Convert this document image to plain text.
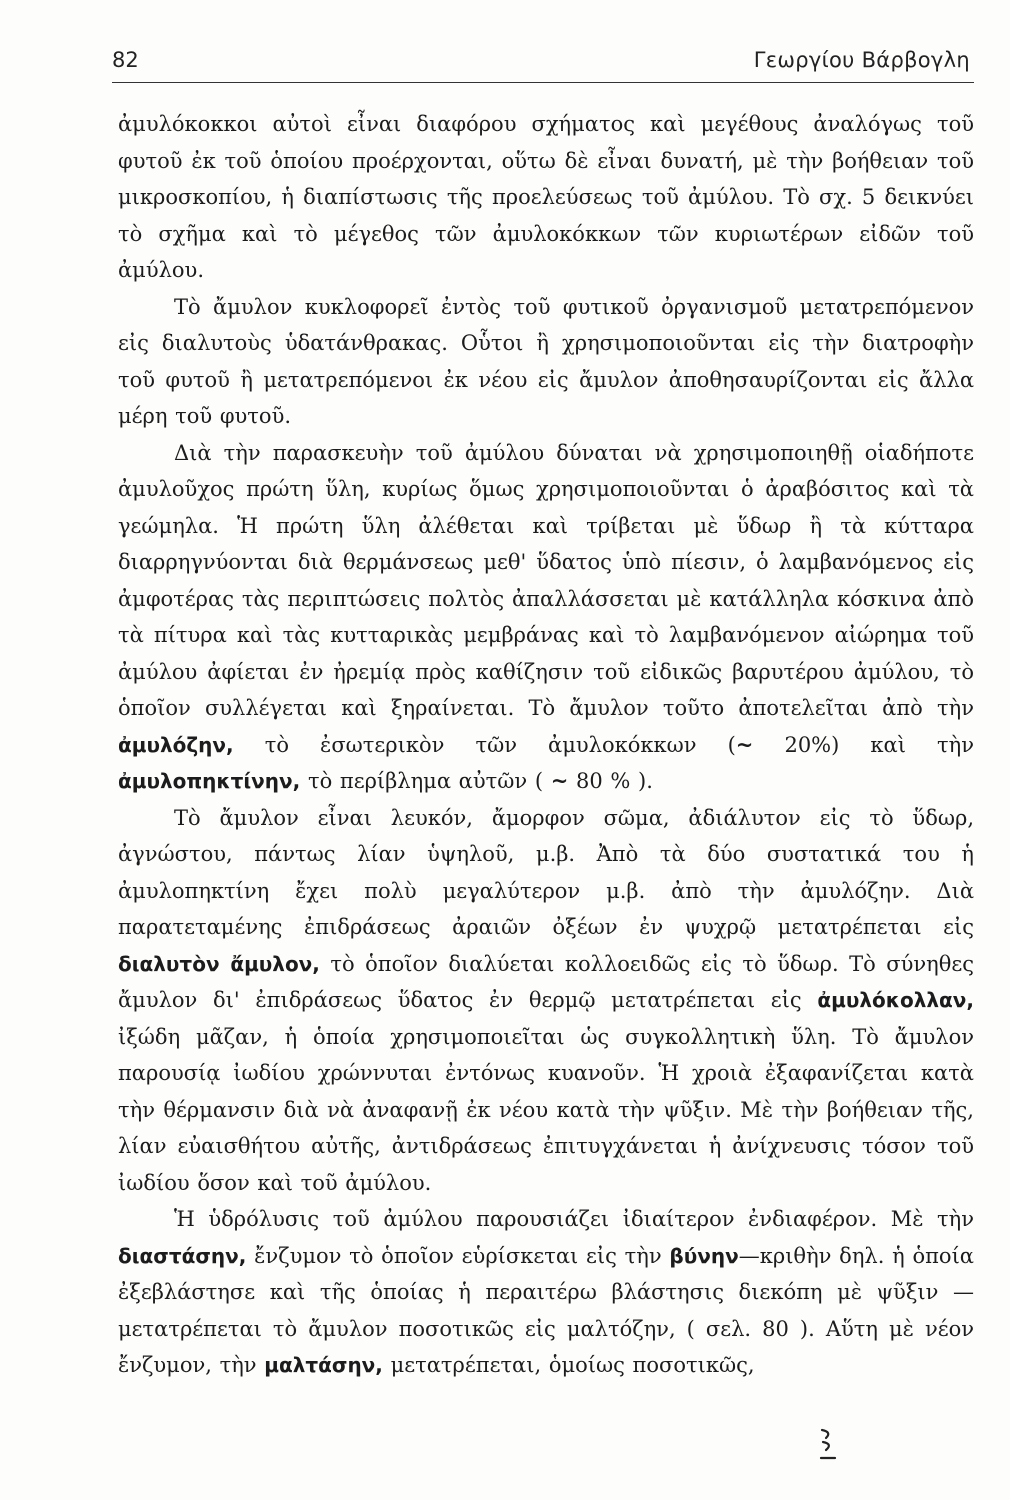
82	Γεωργίου Βάρβογλη

ἀμυλόκοκκοι αὐτοὶ εἶναι διαφόρου σχήματος καὶ μεγέθους ἀναλόγως τοῦ φυτοῦ ἐκ τοῦ ὁποίου προέρχονται, οὕτω δὲ εἶναι δυνατή, μὲ τὴν βοήθειαν τοῦ μικροσκοπίου, ἡ διαπίστωσις τῆς προελεύσεως τοῦ ἀμύλου. Τὸ σχ. 5 δεικνύει τὸ σχῆμα καὶ τὸ μέγεθος τῶν ἀμυλοκόκκων τῶν κυριωτέρων εἰδῶν τοῦ ἀμύλου.

Τὸ ἄμυλον κυκλοφορεῖ ἐντὸς τοῦ φυτικοῦ ὀργανισμοῦ μετατρεπόμενον εἰς διαλυτοὺς ὑδατάνθρακας. Οὗτοι ἢ χρησιμοποιοῦνται εἰς τὴν διατροφὴν τοῦ φυτοῦ ἢ μετατρεπόμενοι ἐκ νέου εἰς ἄμυλον ἀποθησαυρίζονται εἰς ἄλλα μέρη τοῦ φυτοῦ.

Διὰ τὴν παρασκευὴν τοῦ ἀμύλου δύναται νὰ χρησιμοποιηθῇ οἱαδήποτε ἀμυλοῦχος πρώτη ὕλη, κυρίως ὅμως χρησιμοποιοῦνται ὁ ἀραβόσιτος καὶ τὰ γεώμηλα. Ἡ πρώτη ὕλη ἀλέθεται καὶ τρίβεται μὲ ὕδωρ ἢ τὰ κύτταρα διαρρηγνύονται διὰ θερμάνσεως μεθ' ὕδατος ὑπὸ πίεσιν, ὁ λαμβανόμενος εἰς ἀμφοτέρας τὰς περιπτώσεις πολτὸς ἀπαλλάσσεται μὲ κατάλληλα κόσκινα ἀπὸ τὰ πίτυρα καὶ τὰς κυτταρικὰς μεμβράνας καὶ τὸ λαμβανόμενον αἰώρημα τοῦ ἀμύλου ἀφίεται ἐν ἠρεμίᾳ πρὸς καθίζησιν τοῦ εἰδικῶς βαρυτέρου ἀμύλου, τὸ ὁποῖον συλλέγεται καὶ ξηραίνεται. Τὸ ἄμυλον τοῦτο ἀποτελεῖται ἀπὸ τὴν ἀμυλόζην, τὸ ἐσωτερικὸν τῶν ἀμυλοκόκκων (~ 20%) καὶ τὴν ἀμυλοπηκτίνην, τὸ περίβλημα αὐτῶν ( ~ 80 % ).

Τὸ ἄμυλον εἶναι λευκόν, ἄμορφον σῶμα, ἀδιάλυτον εἰς τὸ ὕδωρ, ἀγνώστου, πάντως λίαν ὑψηλοῦ, μ.β. Ἀπὸ τὰ δύο συστατικά του ἡ ἀμυλοπηκτίνη ἔχει πολὺ μεγαλύτερον μ.β. ἀπὸ τὴν ἀμυλόζην. Διὰ παρατεταμένης ἐπιδράσεως ἀραιῶν ὀξέων ἐν ψυχρῷ μετατρέπεται εἰς διαλυτὸν ἄμυλον, τὸ ὁποῖον διαλύεται κολλοειδῶς εἰς τὸ ὕδωρ. Τὸ σύνηθες ἄμυλον δι' ἐπιδράσεως ὕδατος ἐν θερμῷ μετατρέπεται εἰς ἀμυλόκολλαν, ἰξώδη μᾶζαν, ἡ ὁποία χρησιμοποιεῖται ὡς συγκολλητικὴ ὕλη. Τὸ ἄμυλον παρουσίᾳ ἰωδίου χρώννυται ἐντόνως κυανοῦν. Ἡ χροιὰ ἐξαφανίζεται κατὰ τὴν θέρμανσιν διὰ νὰ ἀναφανῇ ἐκ νέου κατὰ τὴν ψῦξιν. Μὲ τὴν βοήθειαν τῆς, λίαν εὐαισθήτου αὐτῆς, ἀντιδράσεως ἐπιτυγχάνεται ἡ ἀνίχνευσις τόσον τοῦ ἰωδίου ὅσον καὶ τοῦ ἀμύλου.

Ἡ ὑδρόλυσις τοῦ ἀμύλου παρουσιάζει ἰδιαίτερον ἐνδιαφέρον. Μὲ τὴν διαστάσην, ἔνζυμον τὸ ὁποῖον εὑρίσκεται εἰς τὴν βύνην—κριθὴν δηλ. ἡ ὁποία ἐξεβλάστησε καὶ τῆς ὁποίας ἡ περαιτέρω βλάστησις διεκόπη μὲ ψῦξιν — μετατρέπεται τὸ ἄμυλον ποσοτικῶς εἰς μαλτόζην, ( σελ. 80 ). Αὕτη μὲ νέον ἔνζυμον, τὴν μαλτάσην, μετατρέπεται, ὁμοίως ποσοτικῶς,
